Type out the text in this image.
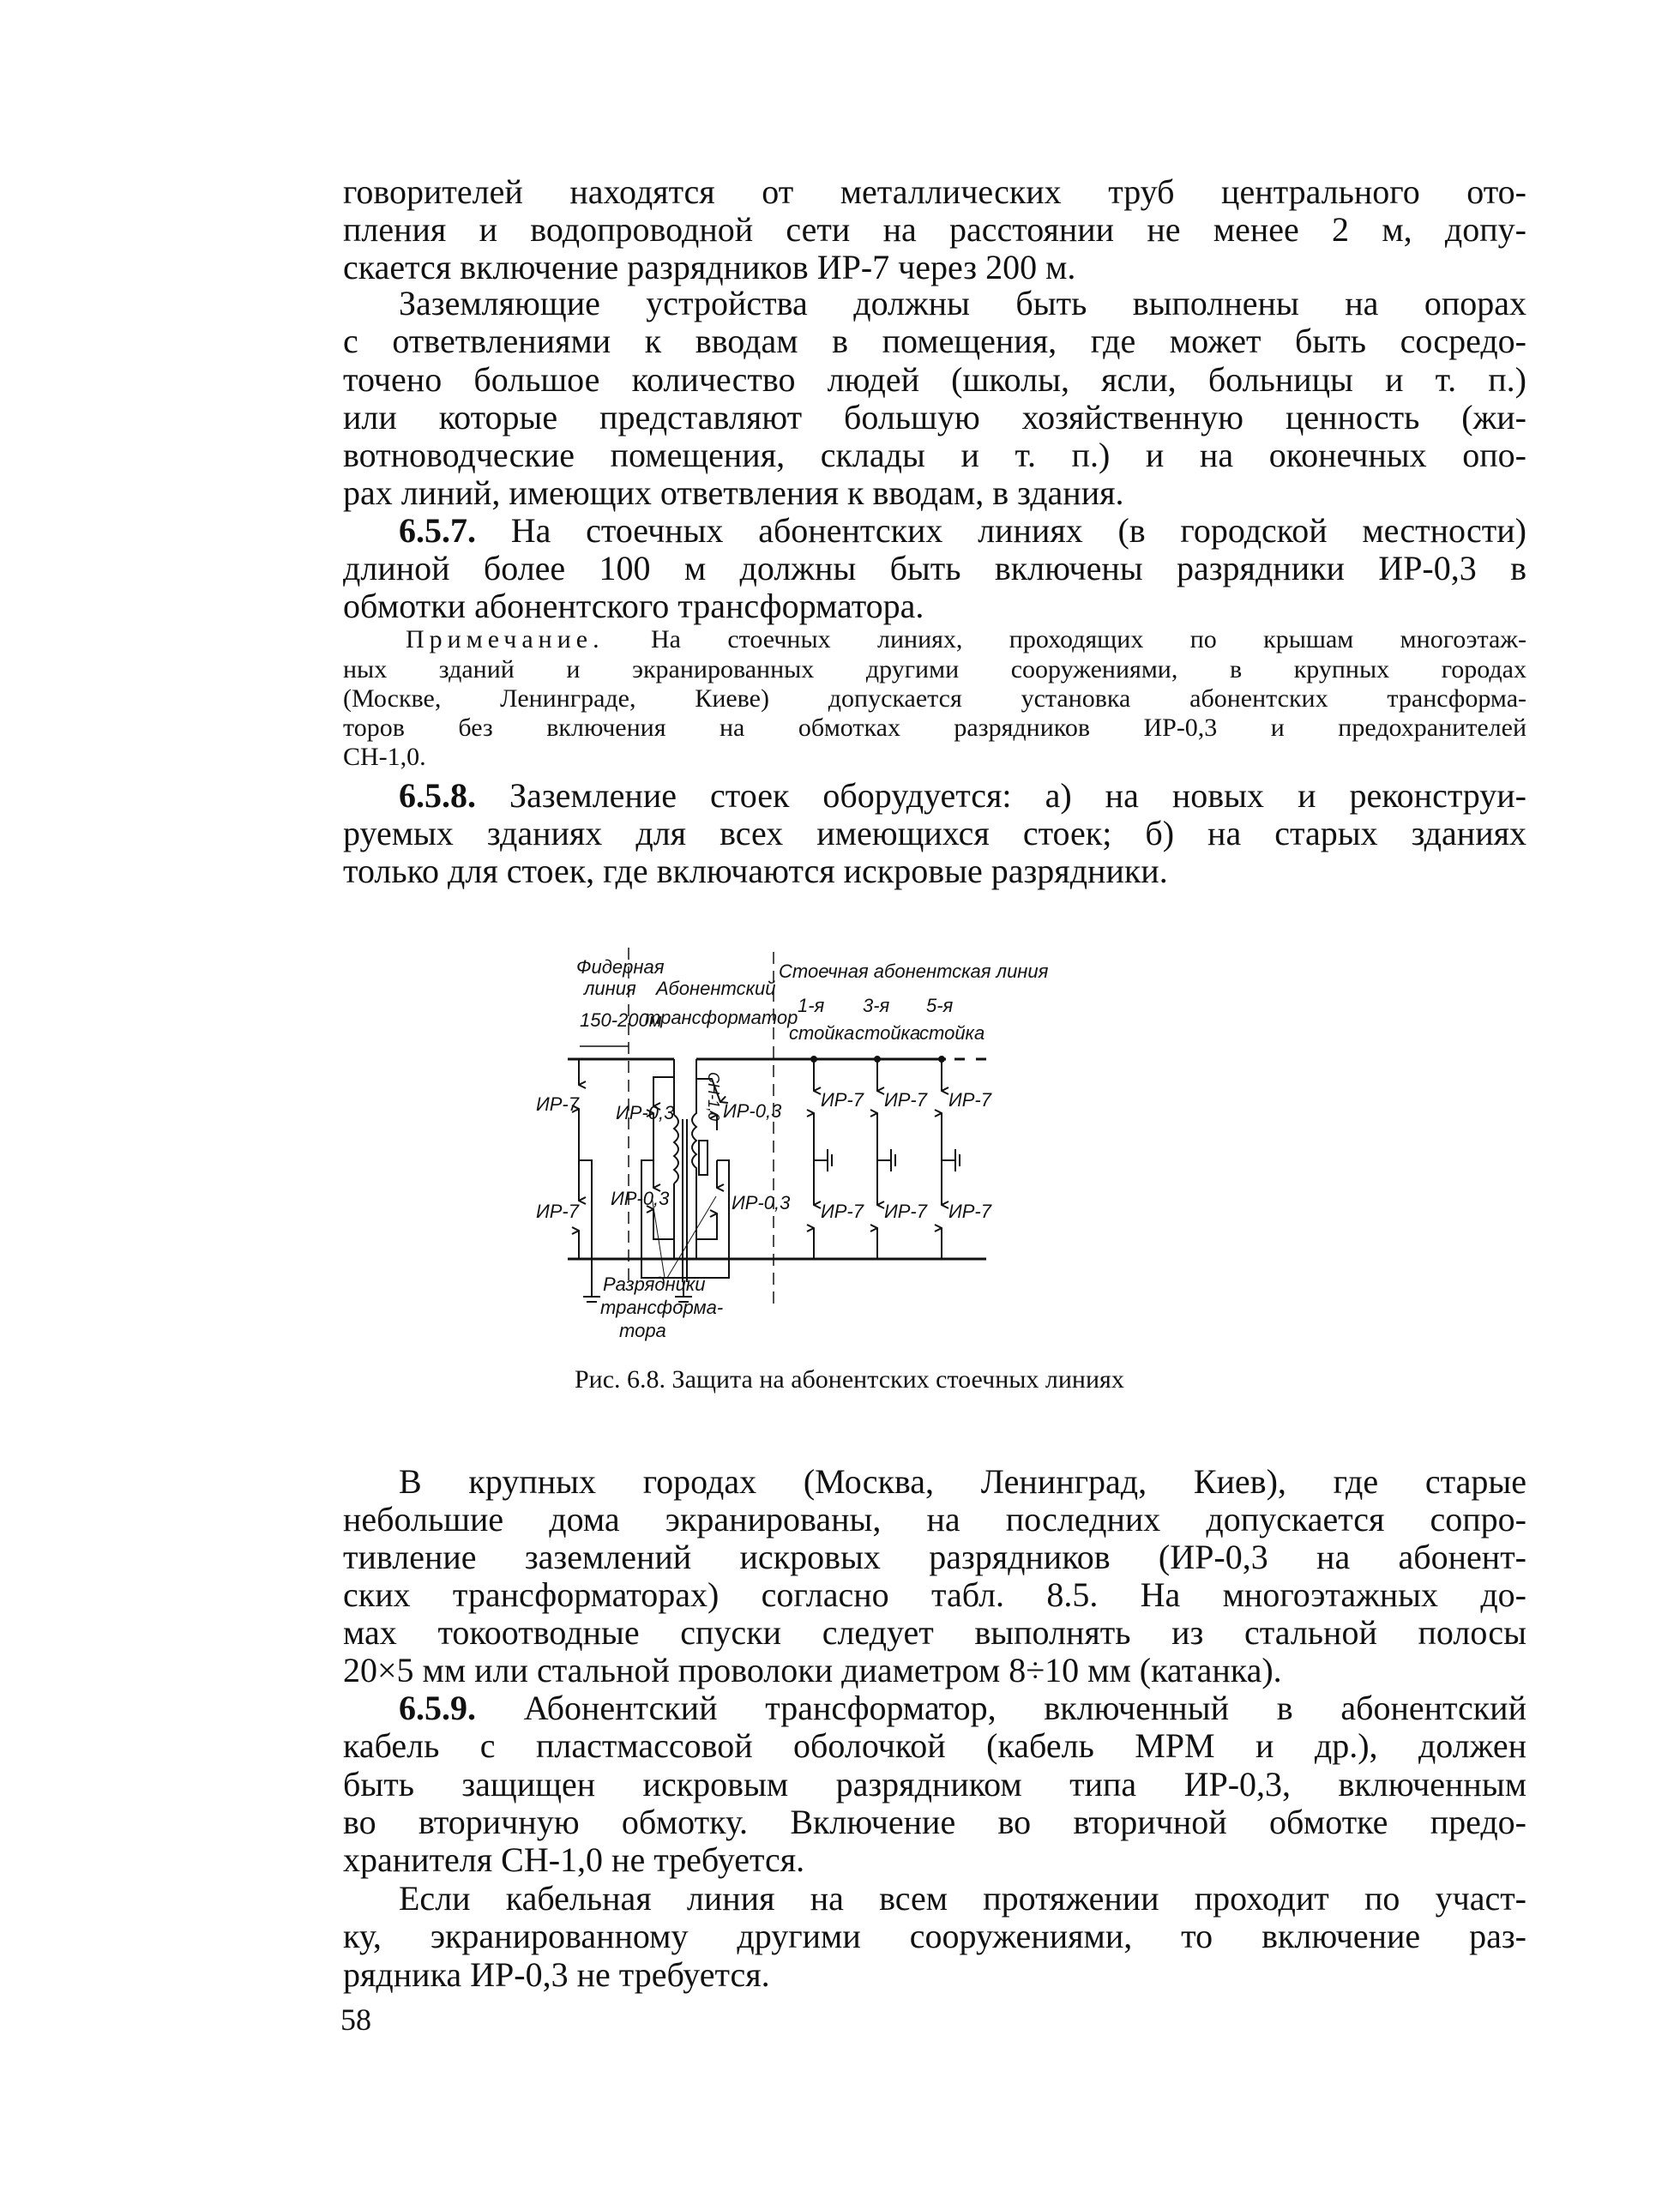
говорителей находятся от металлических труб центрального ото-
пления и водопроводной сети на расстоянии не менее 2 м, допу-
скается включение разрядников ИР-7 через 200 м.
Заземляющие устройства должны быть выполнены на опорах
с ответвлениями к вводам в помещения, где может быть сосредо-
точено большое количество людей (школы, ясли, больницы и т. п.)
или которые представляют большую хозяйственную ценность (жи-
вотноводческие помещения, склады и т. п.) и на оконечных опо-
рах линий, имеющих ответвления к вводам, в здания.
6.5.7. На стоечных абонентских линиях (в городской местности)
длиной более 100 м должны быть включены разрядники ИР-0,3 в
обмотки абонентского трансформатора.
Примечание. На стоечных линиях, проходящих по крышам многоэтаж-
ных зданий и экранированных другими сооружениями, в крупных городах
(Москве, Ленинграде, Киеве) допускается установка абонентских трансформа-
торов без включения на обмотках разрядников ИР-0,3 и предохранителей
СН-1,0.
6.5.8. Заземление стоек оборудуется: а) на новых и реконструи-
руемых зданиях для всех имеющихся стоек; б) на старых зданиях
только для стоек, где включаются искровые разрядники.
В крупных городах (Москва, Ленинград, Киев), где старые
небольшие дома экранированы, на последних допускается сопро-
тивление заземлений искровых разрядников (ИР-0,3 на абонент-
ских трансформаторах) согласно табл. 8.5. На многоэтажных до-
мах токоотводные спуски следует выполнять из стальной полосы
20×5 мм или стальной проволоки диаметром 8÷10 мм (катанка).
6.5.9. Абонентский трансформатор, включенный в абонентский
кабель с пластмассовой оболочкой (кабель МРМ и др.), должен
быть защищен искровым разрядником типа ИР-0,3, включенным
во вторичную обмотку. Включение во вторичной обмотке предо-
хранителя СН-1,0 не требуется.
Если кабельная линия на всем протяжении проходит по участ-
ку, экранированному другими сооружениями, то включение раз-
рядника ИР-0,3 не требуется.
Фидерная
линия
150-200м
Абонентский
трансформатор
Стоечная абонентская линия
1-я 3-я 5-я
стойка стойка
стойка
ИР-7
ИР-7
ИР-0,3
ИР-0,3
ИР-0,3
ИР-0,3
СН-1,0
Разрядники
трансформа-
тора
ИР-7
ИР-7
ИР-7
ИР-7
ИР-7
ИР-7
Рис. 6.8. Защита на абонентских стоечных линиях
58
